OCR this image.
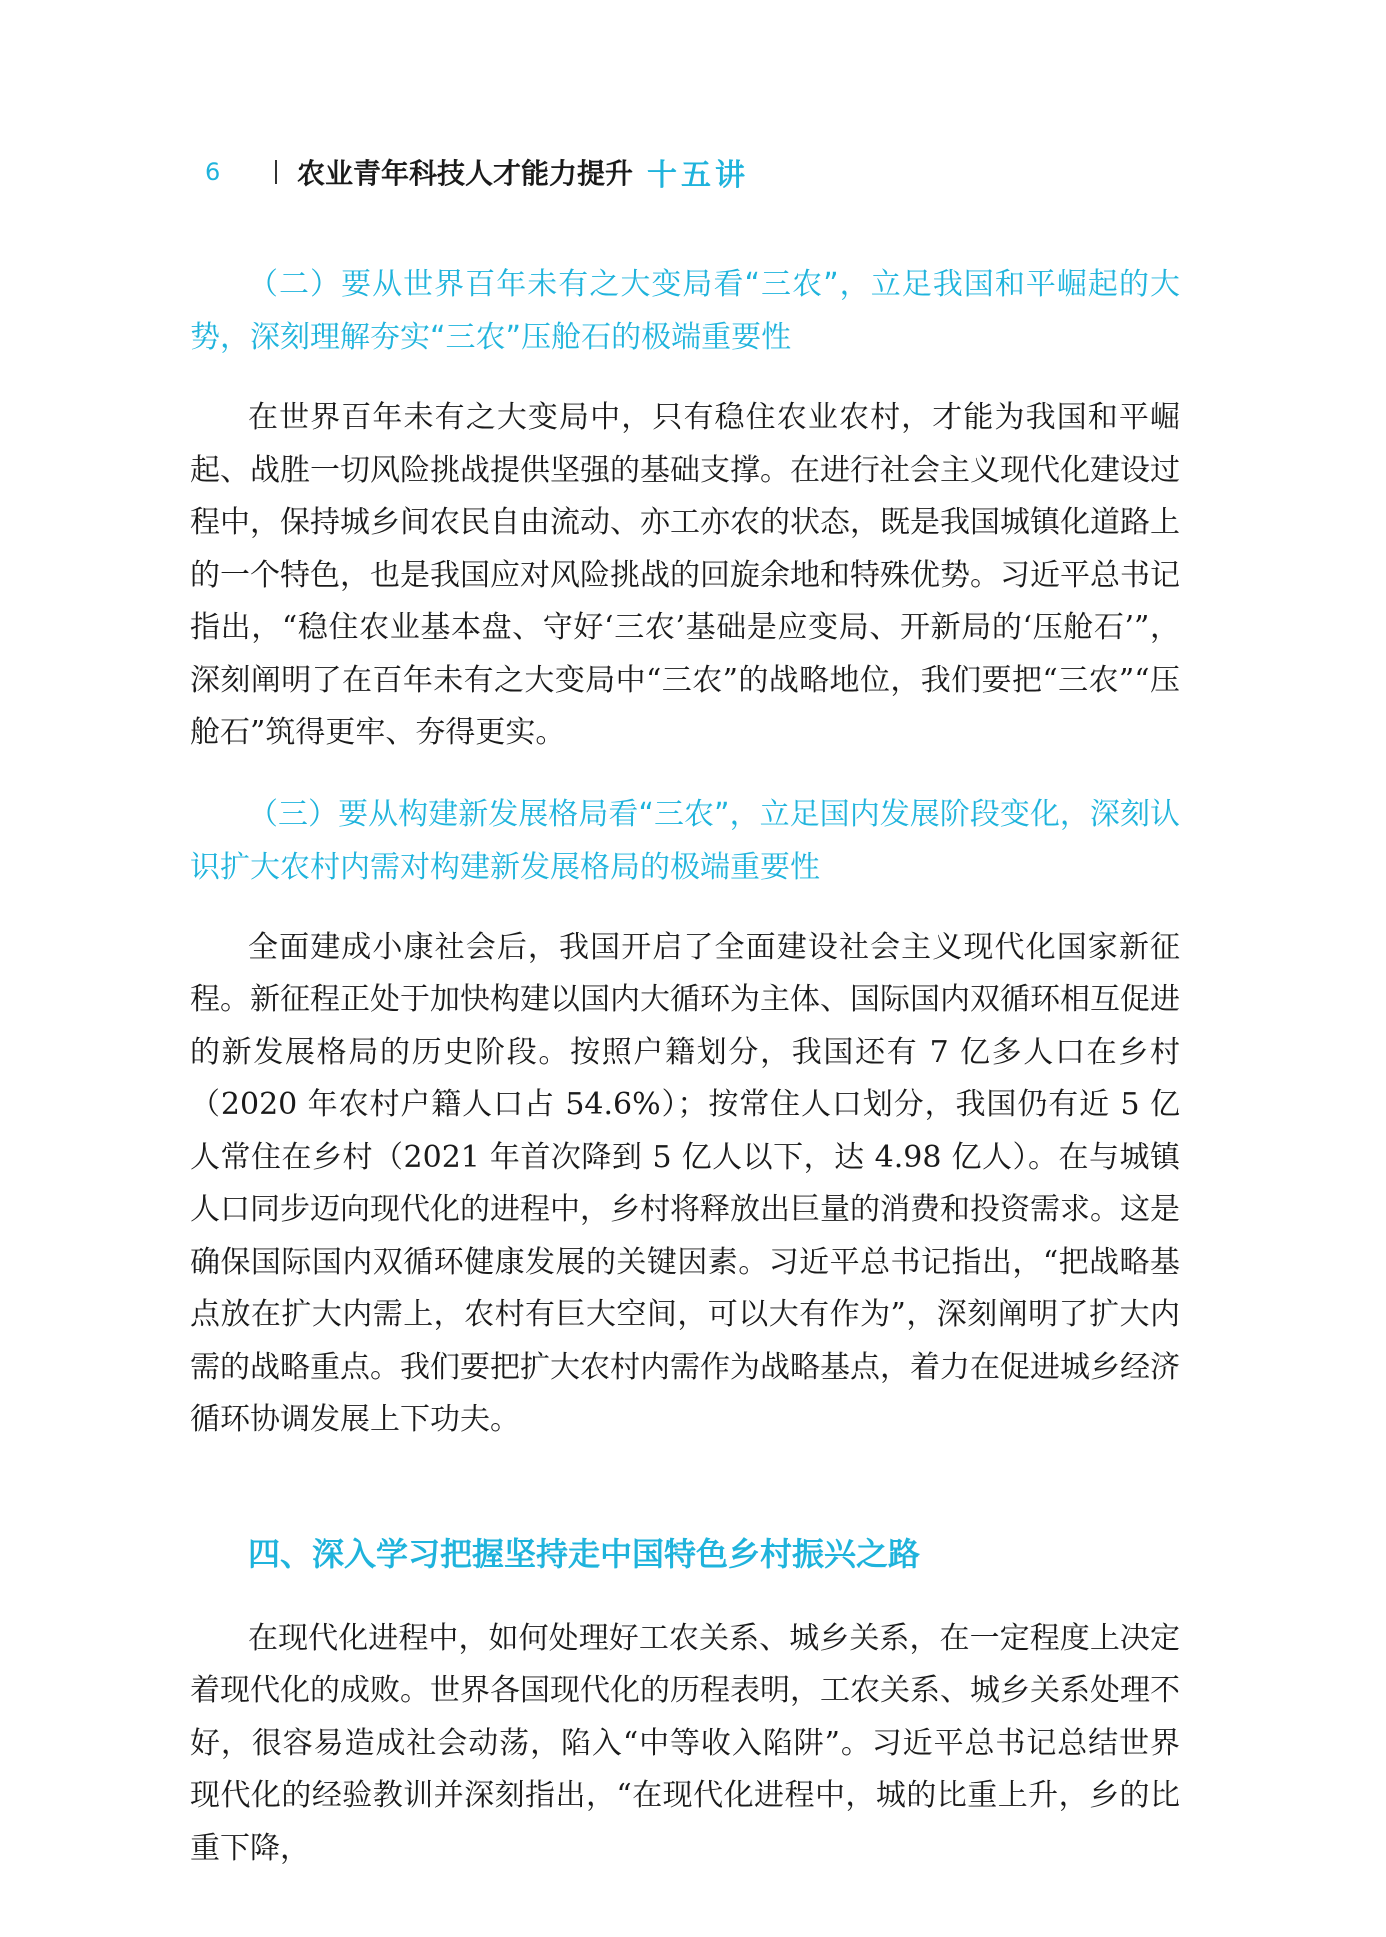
6	农业青年科技人才能力提升 十五讲

（二）要从世界百年未有之大变局看“三农”，立足我国和平崛起的大势，深刻理解夯实“三农”压舱石的极端重要性

在世界百年未有之大变局中，只有稳住农业农村，才能为我国和平崛起、战胜一切风险挑战提供坚强的基础支撑。在进行社会主义现代化建设过程中，保持城乡间农民自由流动、亦工亦农的状态，既是我国城镇化道路上的一个特色，也是我国应对风险挑战的回旋余地和特殊优势。习近平总书记指出，“稳住农业基本盘、守好‘三农’基础是应变局、开新局的‘压舱石’”，深刻阐明了在百年未有之大变局中“三农”的战略地位，我们要把“三农”“压舱石”筑得更牢、夯得更实。

（三）要从构建新发展格局看“三农”，立足国内发展阶段变化，深刻认识扩大农村内需对构建新发展格局的极端重要性

全面建成小康社会后，我国开启了全面建设社会主义现代化国家新征程。新征程正处于加快构建以国内大循环为主体、国际国内双循环相互促进的新发展格局的历史阶段。按照户籍划分，我国还有 7 亿多人口在乡村（2020 年农村户籍人口占 54.6%）；按常住人口划分，我国仍有近 5 亿人常住在乡村（2021 年首次降到 5 亿人以下，达 4.98 亿人）。在与城镇人口同步迈向现代化的进程中，乡村将释放出巨量的消费和投资需求。这是确保国际国内双循环健康发展的关键因素。习近平总书记指出，“把战略基点放在扩大内需上，农村有巨大空间，可以大有作为”，深刻阐明了扩大内需的战略重点。我们要把扩大农村内需作为战略基点，着力在促进城乡经济循环协调发展上下功夫。

四、深入学习把握坚持走中国特色乡村振兴之路

在现代化进程中，如何处理好工农关系、城乡关系，在一定程度上决定着现代化的成败。世界各国现代化的历程表明，工农关系、城乡关系处理不好，很容易造成社会动荡，陷入“中等收入陷阱”。习近平总书记总结世界现代化的经验教训并深刻指出，“在现代化进程中，城的比重上升，乡的比重下降，
